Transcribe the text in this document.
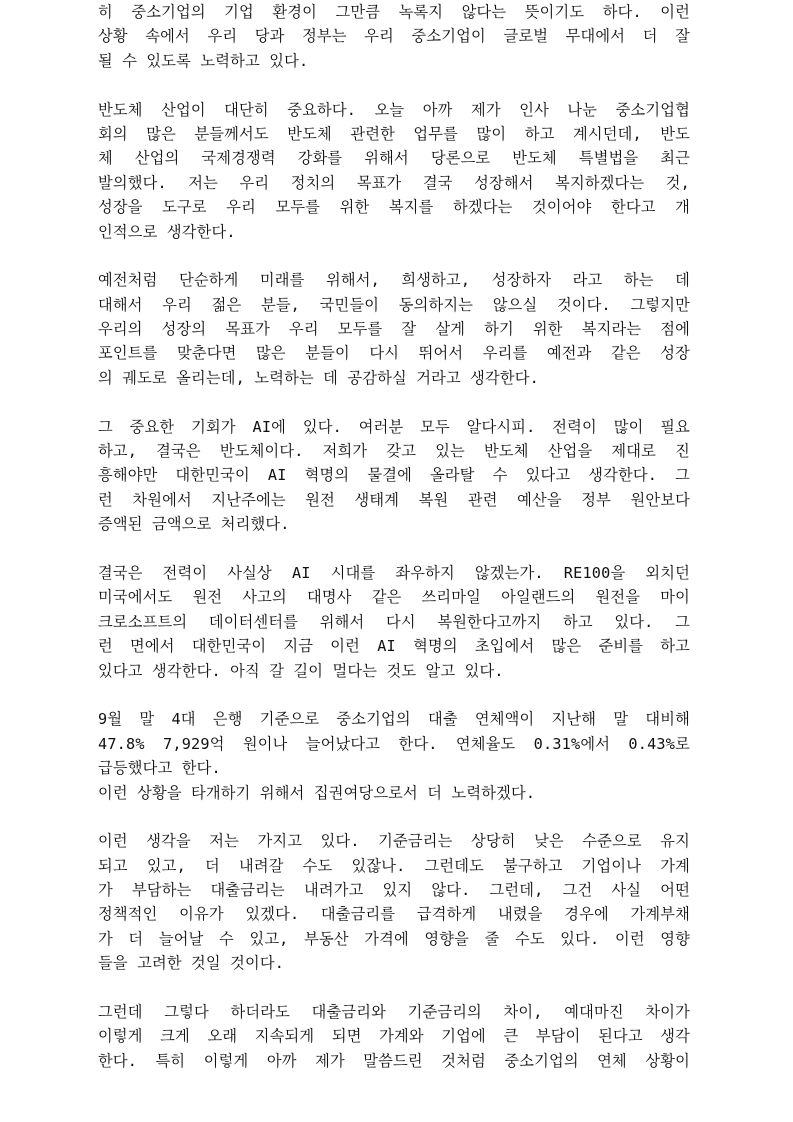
히 중소기업의 기업 환경이 그만큼 녹록지 않다는 뜻이기도 하다. 이런
상황 속에서 우리 당과 정부는 우리 중소기업이 글로벌 무대에서 더 잘
될 수 있도록 노력하고 있다.

반도체 산업이 대단히 중요하다. 오늘 아까 제가 인사 나눈 중소기업협
회의 많은 분들께서도 반도체 관련한 업무를 많이 하고 계시던데, 반도
체 산업의 국제경쟁력 강화를 위해서 당론으로 반도체 특별법을 최근
발의했다. 저는 우리 정치의 목표가 결국 성장해서 복지하겠다는 것,
성장을 도구로 우리 모두를 위한 복지를 하겠다는 것이어야 한다고 개
인적으로 생각한다.

예전처럼 단순하게 미래를 위해서, 희생하고, 성장하자 라고 하는 데
대해서 우리 젊은 분들, 국민들이 동의하지는 않으실 것이다. 그렇지만
우리의 성장의 목표가 우리 모두를 잘 살게 하기 위한 복지라는 점에
포인트를 맞춘다면 많은 분들이 다시 뛰어서 우리를 예전과 같은 성장
의 궤도로 올리는데, 노력하는 데 공감하실 거라고 생각한다.

그 중요한 기회가 AI에 있다. 여러분 모두 알다시피. 전력이 많이 필요
하고, 결국은 반도체이다. 저희가 갖고 있는 반도체 산업을 제대로 진
흥해야만 대한민국이 AI 혁명의 물결에 올라탈 수 있다고 생각한다. 그
런 차원에서 지난주에는 원전 생태계 복원 관련 예산을 정부 원안보다
증액된 금액으로 처리했다.

결국은 전력이 사실상 AI 시대를 좌우하지 않겠는가. RE100을 외치던
미국에서도 원전 사고의 대명사 같은 쓰리마일 아일랜드의 원전을 마이
크로소프트의 데이터센터를 위해서 다시 복원한다고까지 하고 있다. 그
런 면에서 대한민국이 지금 이런 AI 혁명의 초입에서 많은 준비를 하고
있다고 생각한다. 아직 갈 길이 멀다는 것도 알고 있다.

9월 말 4대 은행 기준으로 중소기업의 대출 연체액이 지난해 말 대비해
47.8% 7,929억 원이나 늘어났다고 한다. 연체율도 0.31%에서 0.43%로
급등했다고 한다.
이런 상황을 타개하기 위해서 집권여당으로서 더 노력하겠다.

이런 생각을 저는 가지고 있다. 기준금리는 상당히 낮은 수준으로 유지
되고 있고, 더 내려갈 수도 있잖나. 그런데도 불구하고 기업이나 가계
가 부담하는 대출금리는 내려가고 있지 않다. 그런데, 그건 사실 어떤
정책적인 이유가 있겠다. 대출금리를 급격하게 내렸을 경우에 가계부채
가 더 늘어날 수 있고, 부동산 가격에 영향을 줄 수도 있다. 이런 영향
들을 고려한 것일 것이다.

그런데 그렇다 하더라도 대출금리와 기준금리의 차이, 예대마진 차이가
이렇게 크게 오래 지속되게 되면 가계와 기업에 큰 부담이 된다고 생각
한다. 특히 이렇게 아까 제가 말씀드린 것처럼 중소기업의 연체 상황이
